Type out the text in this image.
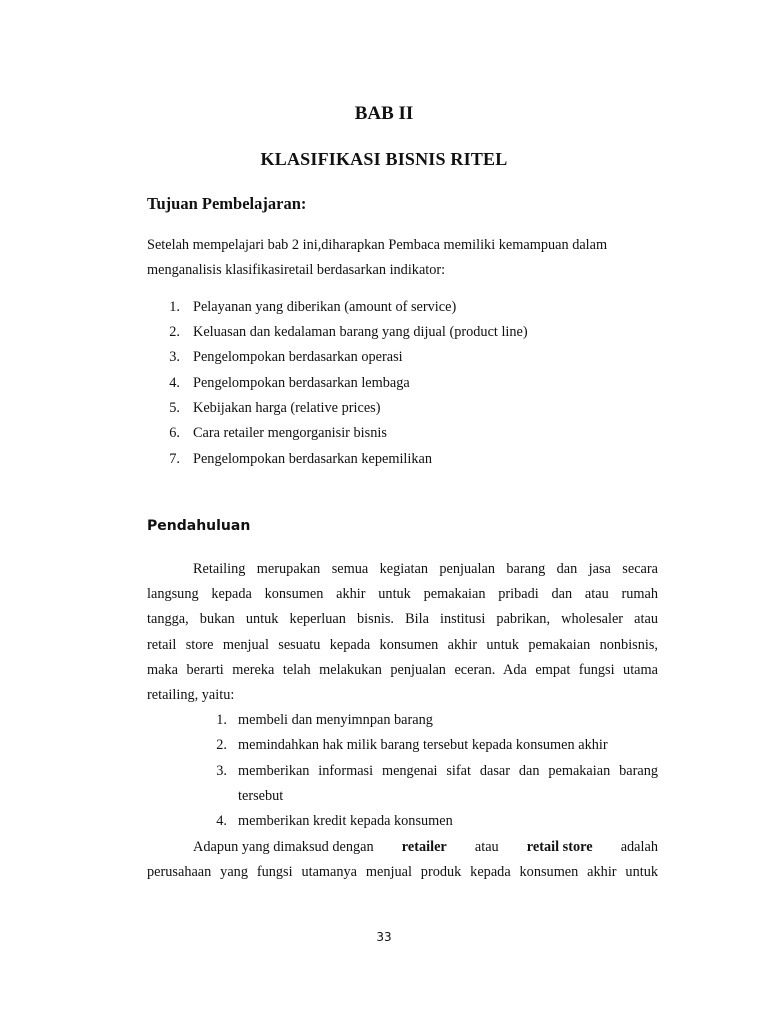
BAB II
KLASIFIKASI BISNIS RITEL
Tujuan Pembelajaran:
Setelah mempelajari bab 2 ini,diharapkan Pembaca memiliki kemampuan dalam
menganalisis klasifikasiretail berdasarkan indikator:
1. Pelayanan yang diberikan (amount of service)
2. Keluasan dan kedalaman barang yang dijual (product line)
3. Pengelompokan berdasarkan operasi
4. Pengelompokan berdasarkan lembaga
5. Kebijakan harga (relative prices)
6. Cara retailer mengorganisir bisnis
7. Pengelompokan berdasarkan kepemilikan
Pendahuluan
Retailing merupakan semua kegiatan penjualan barang dan jasa secara
langsung kepada konsumen akhir untuk pemakaian pribadi dan atau rumah
tangga, bukan untuk keperluan bisnis. Bila institusi pabrikan, wholesaler atau
retail store menjual sesuatu kepada konsumen akhir untuk pemakaian nonbisnis,
maka berarti mereka telah melakukan penjualan eceran. Ada empat fungsi utama
retailing, yaitu:
1. membeli dan menyimnpan barang
2. memindahkan hak milik barang tersebut kepada konsumen akhir
3. memberikan informasi mengenai sifat dasar dan pemakaian barang
tersebut
4. memberikan kredit kepada konsumen
Adapun yang dimaksud dengan retailer atau retail store adalah
perusahaan yang fungsi utamanya menjual produk kepada konsumen akhir untuk
33
